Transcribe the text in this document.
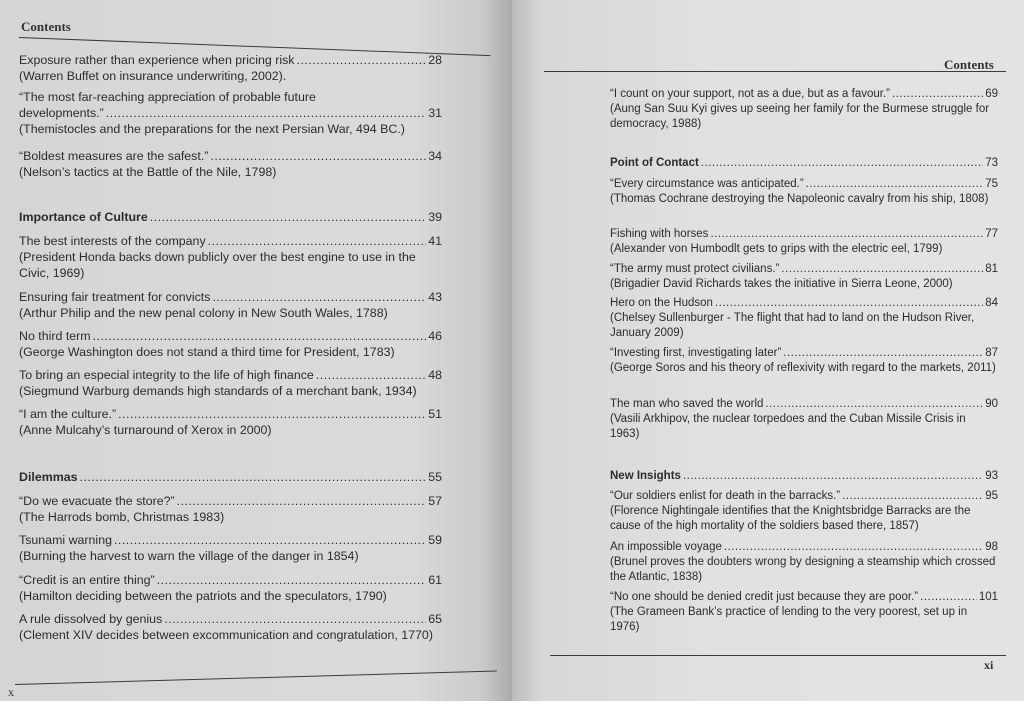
Contents
Exposure rather than experience when pricing risk .....	28
(Warren Buffet on insurance underwriting, 2002).
“The most far-reaching appreciation of probable future
developments.” .....	31
(Themistocles and the preparations for the next Persian War, 494 BC.)
“Boldest measures are the safest.” .....	34
(Nelson’s tactics at the Battle of the Nile, 1798)
Importance of Culture .....	39
The best interests of the company .....	41
(President Honda backs down publicly over the best engine to use in the Civic, 1969)
Ensuring fair treatment for convicts .....	43
(Arthur Philip and the new penal colony in New South Wales, 1788)
No third term .....	46
(George Washington does not stand a third time for President, 1783)
To bring an especial integrity to the life of high finance .....	48
(Siegmund Warburg demands high standards of a merchant bank, 1934)
“I am the culture.” .....	51
(Anne Mulcahy’s turnaround of Xerox in 2000)
Dilemmas .....	55
“Do we evacuate the store?” .....	57
(The Harrods bomb, Christmas 1983)
Tsunami warning .....	59
(Burning the harvest to warn the village of the danger in 1854)
“Credit is an entire thing” .....	61
(Hamilton deciding between the patriots and the speculators, 1790)
A rule dissolved by genius .....	65
(Clement XIV decides between excommunication and congratulation, 1770)
x
Contents
“I count on your support, not as a due, but as a favour.” .....	69
(Aung San Suu Kyi gives up seeing her family for the Burmese struggle for democracy, 1988)
Point of Contact .....	73
“Every circumstance was anticipated.” .....	75
(Thomas Cochrane destroying the Napoleonic cavalry from his ship, 1808)
Fishing with horses .....	77
(Alexander von Humbodlt gets to grips with the electric eel, 1799)
“The army must protect civilians.” .....	81
(Brigadier David Richards takes the initiative in Sierra Leone, 2000)
Hero on the Hudson .....	84
(Chelsey Sullenburger - The flight that had to land on the Hudson River, January 2009)
“Investing first, investigating later” .....	87
(George Soros and his theory of reflexivity with regard to the markets, 2011)
The man who saved the world .....	90
(Vasili Arkhipov, the nuclear torpedoes and the Cuban Missile Crisis in 1963)
New Insights .....	93
“Our soldiers enlist for death in the barracks.” .....	95
(Florence Nightingale identifies that the Knightsbridge Barracks are the cause of the high mortality of the soldiers based there, 1857)
An impossible voyage .....	98
(Brunel proves the doubters wrong by designing a steamship which crossed the Atlantic, 1838)
“No one should be denied credit just because they are poor.” .....	101
(The Grameen Bank’s practice of lending to the very poorest, set up in 1976)
xi
